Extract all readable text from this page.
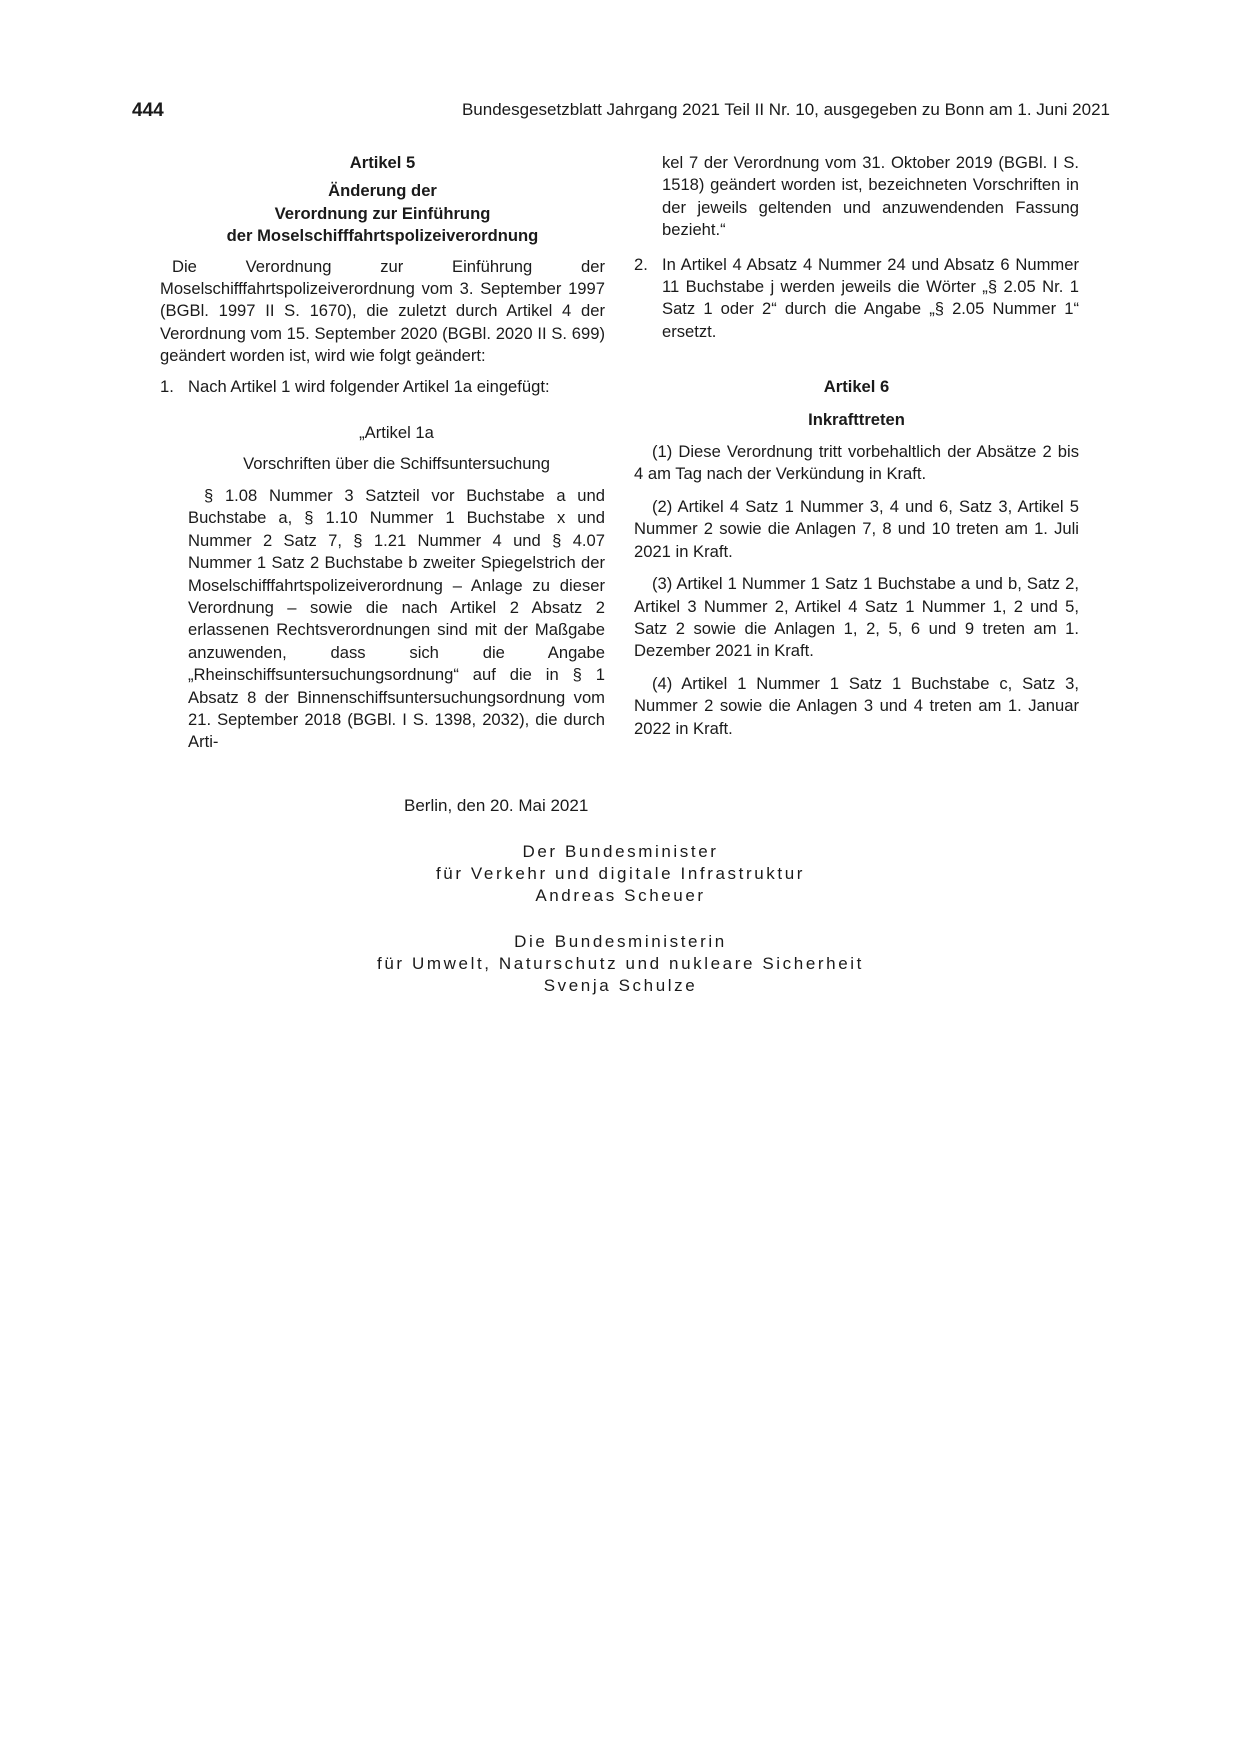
444	Bundesgesetzblatt Jahrgang 2021 Teil II Nr. 10, ausgegeben zu Bonn am 1. Juni 2021

Artikel 5

Änderung der

Verordnung zur Einführung

der Moselschifffahrtspolizeiverordnung

Die Verordnung zur Einführung der Moselschifffahrtspolizeiverordnung vom 3. September 1997 (BGBl. 1997 II S. 1670), die zuletzt durch Artikel 4 der Verordnung vom 15. September 2020 (BGBl. 2020 II S. 699) geändert worden ist, wird wie folgt geändert:

1. Nach Artikel 1 wird folgender Artikel 1a eingefügt:

„Artikel 1a

Vorschriften über die Schiffsuntersuchung

§ 1.08 Nummer 3 Satzteil vor Buchstabe a und Buchstabe a, § 1.10 Nummer 1 Buchstabe x und Nummer 2 Satz 7, § 1.21 Nummer 4 und § 4.07 Nummer 1 Satz 2 Buchstabe b zweiter Spiegelstrich der Moselschifffahrtspolizeiverordnung – Anlage zu dieser Verordnung – sowie die nach Artikel 2 Absatz 2 erlassenen Rechtsverordnungen sind mit der Maßgabe anzuwenden, dass sich die Angabe „Rheinschiffsuntersuchungsordnung“ auf die in § 1 Absatz 8 der Binnenschiffsuntersuchungsordnung vom 21. September 2018 (BGBl. I S. 1398, 2032), die durch Arti-

kel 7 der Verordnung vom 31. Oktober 2019 (BGBl. I S. 1518) geändert worden ist, bezeichneten Vorschriften in der jeweils geltenden und anzuwendenden Fassung bezieht.“

2. In Artikel 4 Absatz 4 Nummer 24 und Absatz 6 Nummer 11 Buchstabe j werden jeweils die Wörter „§ 2.05 Nr. 1 Satz 1 oder 2“ durch die Angabe „§ 2.05 Nummer 1“ ersetzt.

Artikel 6

Inkrafttreten

(1) Diese Verordnung tritt vorbehaltlich der Absätze 2 bis 4 am Tag nach der Verkündung in Kraft.

(2) Artikel 4 Satz 1 Nummer 3, 4 und 6, Satz 3, Artikel 5 Nummer 2 sowie die Anlagen 7, 8 und 10 treten am 1. Juli 2021 in Kraft.

(3) Artikel 1 Nummer 1 Satz 1 Buchstabe a und b, Satz 2, Artikel 3 Nummer 2, Artikel 4 Satz 1 Nummer 1, 2 und 5, Satz 2 sowie die Anlagen 1, 2, 5, 6 und 9 treten am 1. Dezember 2021 in Kraft.

(4) Artikel 1 Nummer 1 Satz 1 Buchstabe c, Satz 3, Nummer 2 sowie die Anlagen 3 und 4 treten am 1. Januar 2022 in Kraft.

Berlin, den 20. Mai 2021

Der Bundesminister

für Verkehr und digitale Infrastruktur

Andreas Scheuer

Die Bundesministerin

für Umwelt, Naturschutz und nukleare Sicherheit

Svenja Schulze
